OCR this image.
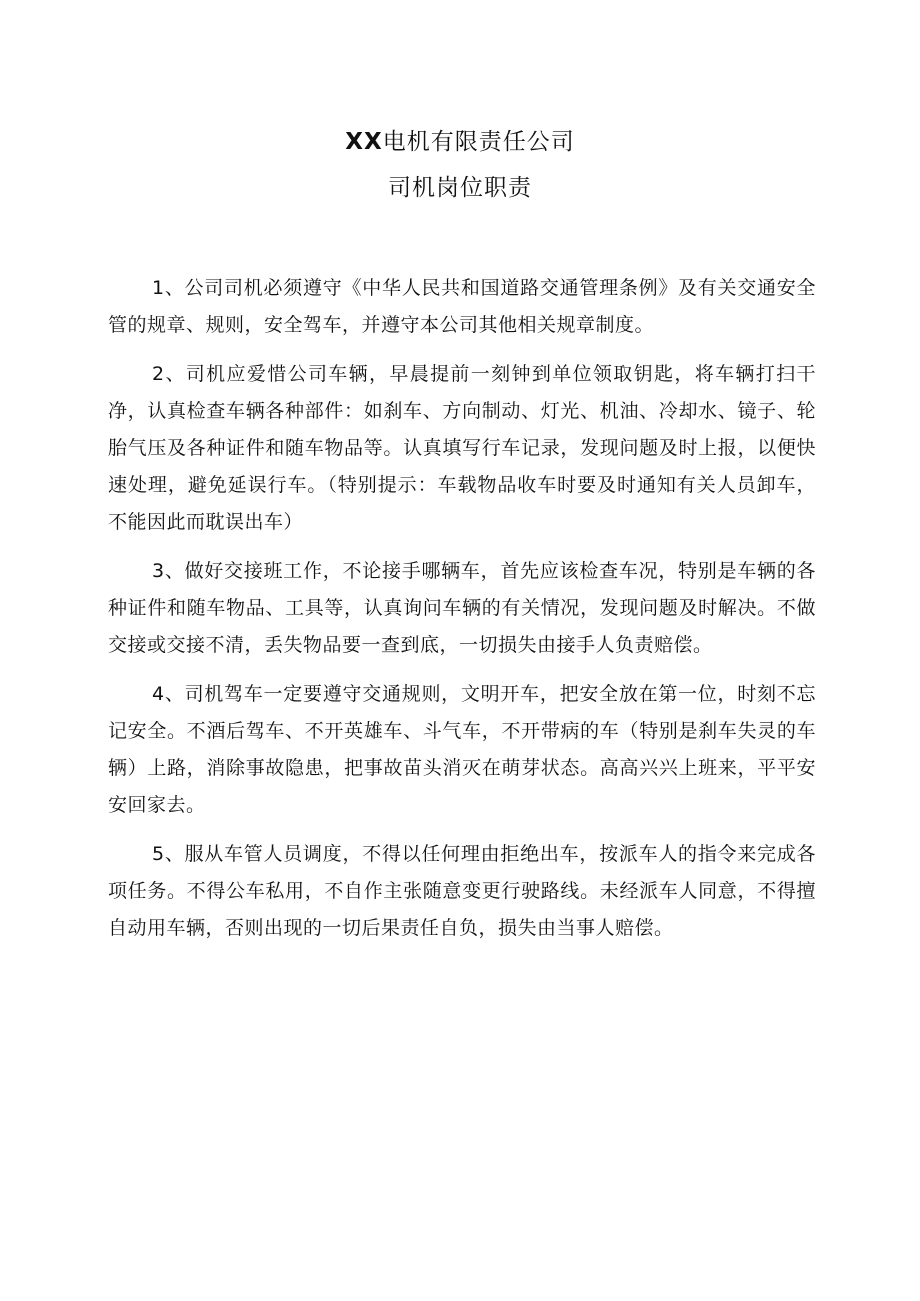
XX电机有限责任公司
司机岗位职责

1、公司司机必须遵守《中华人民共和国道路交通管理条例》及有关交通安全管的规章、规则，安全驾车，并遵守本公司其他相关规章制度。

2、司机应爱惜公司车辆，早晨提前一刻钟到单位领取钥匙，将车辆打扫干净，认真检查车辆各种部件：如刹车、方向制动、灯光、机油、冷却水、镜子、轮胎气压及各种证件和随车物品等。认真填写行车记录，发现问题及时上报，以便快速处理，避免延误行车。（特别提示：车载物品收车时要及时通知有关人员卸车，不能因此而耽误出车）

3、做好交接班工作，不论接手哪辆车，首先应该检查车况，特别是车辆的各种证件和随车物品、工具等，认真询问车辆的有关情况，发现问题及时解决。不做交接或交接不清，丢失物品要一查到底，一切损失由接手人负责赔偿。

4、司机驾车一定要遵守交通规则，文明开车，把安全放在第一位，时刻不忘记安全。不酒后驾车、不开英雄车、斗气车，不开带病的车（特别是刹车失灵的车辆）上路，消除事故隐患，把事故苗头消灭在萌芽状态。高高兴兴上班来，平平安安回家去。

5、服从车管人员调度，不得以任何理由拒绝出车，按派车人的指令来完成各项任务。不得公车私用，不自作主张随意变更行驶路线。未经派车人同意，不得擅自动用车辆，否则出现的一切后果责任自负，损失由当事人赔偿。
